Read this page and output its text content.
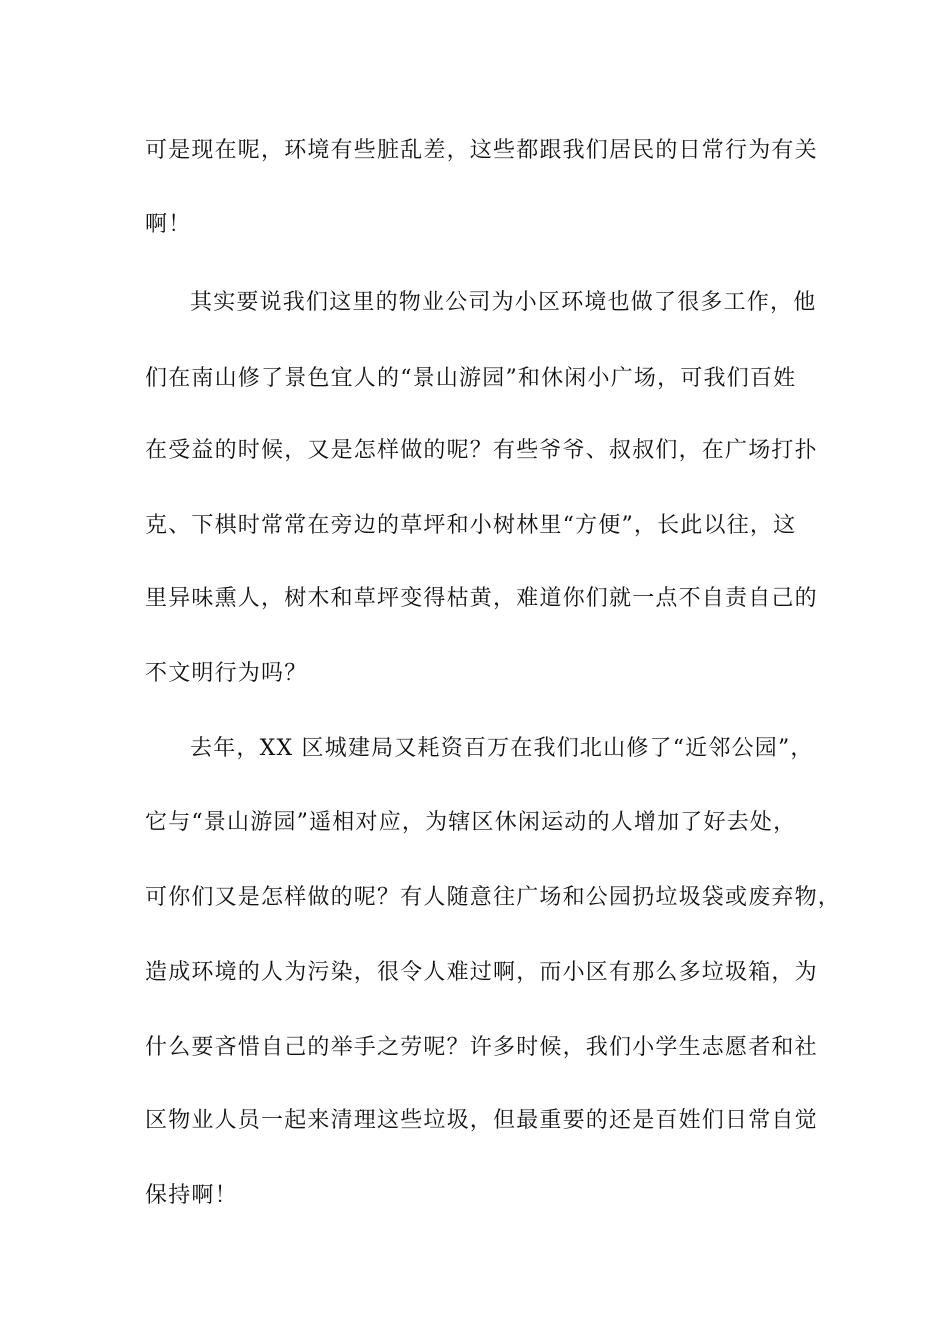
可是现在呢，环境有些脏乱差，这些都跟我们居民的日常行为有关
啊！
其实要说我们这里的物业公司为小区环境也做了很多工作，他
们在南山修了景色宜人的“景山游园”和休闲小广场，可我们百姓
在受益的时候，又是怎样做的呢？有些爷爷、叔叔们，在广场打扑
克、下棋时常常在旁边的草坪和小树林里“方便”，长此以往，这
里异味熏人，树木和草坪变得枯黄，难道你们就一点不自责自己的
不文明行为吗？
去年，XX 区城建局又耗资百万在我们北山修了“近邻公园”，
它与“景山游园”遥相对应，为辖区休闲运动的人增加了好去处，
可你们又是怎样做的呢？有人随意往广场和公园扔垃圾袋或废弃物，
造成环境的人为污染，很令人难过啊，而小区有那么多垃圾箱，为
什么要吝惜自己的举手之劳呢？许多时候，我们小学生志愿者和社
区物业人员一起来清理这些垃圾，但最重要的还是百姓们日常自觉
保持啊！
